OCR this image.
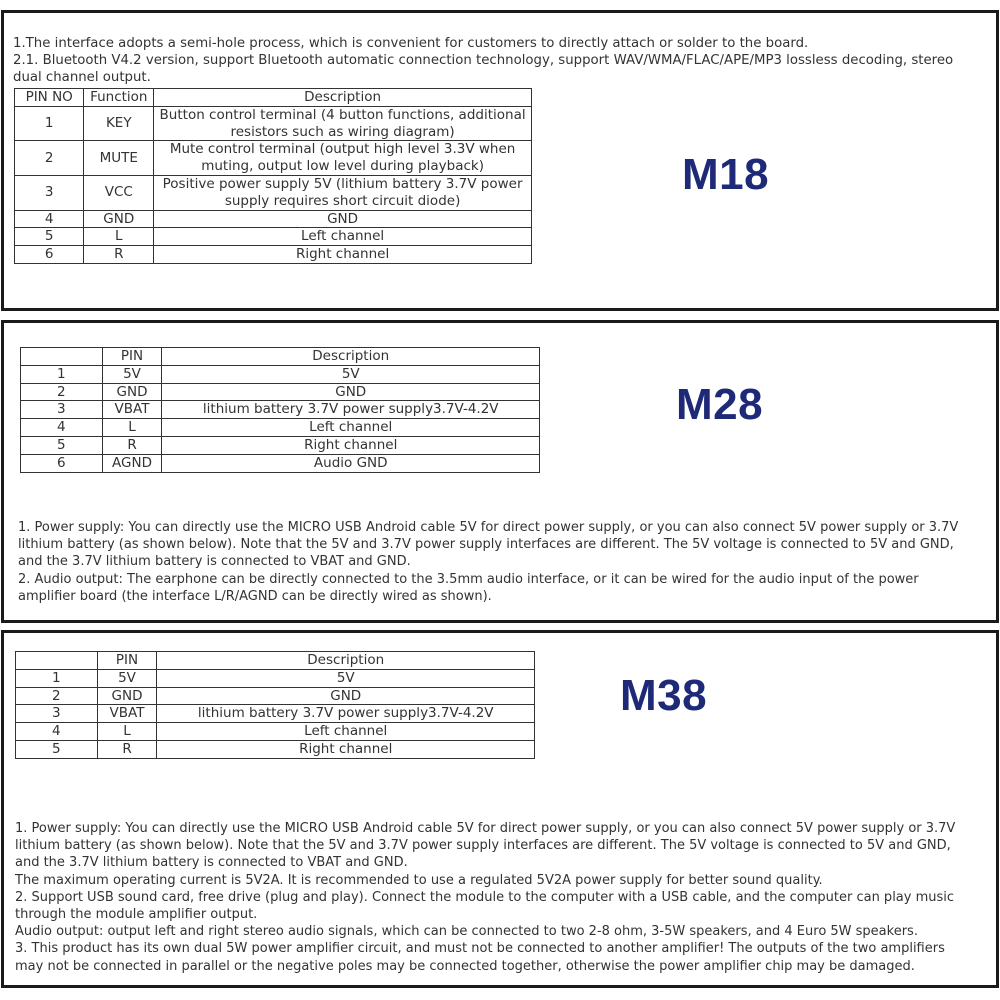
1.The interface adopts a semi-hole process, which is convenient for customers to directly attach or solder to the board.
2.1. Bluetooth V4.2 version, support Bluetooth automatic connection technology, support WAV/WMA/FLAC/APE/MP3 lossless decoding, stereo
dual channel output.
PIN NO	Function	Description
1	KEY	Button control terminal (4 button functions, additional
resistors such as wiring diagram)

2	MUTE	Mute control terminal (output high level 3.3V when
muting, output low level during playback)

3	VCC	Positive power supply 5V (lithium battery 3.7V power
supply requires short circuit diode)

4	GND	GND
5	L	Left channel
6	R	Right channel
M18
	PIN	Description
1	5V	5V
2	GND	GND
3	VBAT	lithium battery 3.7V power supply3.7V-4.2V
4	L	Left channel
5	R	Right channel
6	AGND	Audio GND
M28
1. Power supply: You can directly use the MICRO USB Android cable 5V for direct power supply, or you can also connect 5V power supply or 3.7V
lithium battery (as shown below). Note that the 5V and 3.7V power supply interfaces are different. The 5V voltage is connected to 5V and GND,
and the 3.7V lithium battery is connected to VBAT and GND.
2. Audio output: The earphone can be directly connected to the 3.5mm audio interface, or it can be wired for the audio input of the power
amplifier board (the interface L/R/AGND can be directly wired as shown).
	PIN	Description
1	5V	5V
2	GND	GND
3	VBAT	lithium battery 3.7V power supply3.7V-4.2V
4	L	Left channel
5	R	Right channel
M38
1. Power supply: You can directly use the MICRO USB Android cable 5V for direct power supply, or you can also connect 5V power supply or 3.7V
lithium battery (as shown below). Note that the 5V and 3.7V power supply interfaces are different. The 5V voltage is connected to 5V and GND,
and the 3.7V lithium battery is connected to VBAT and GND.
The maximum operating current is 5V2A. It is recommended to use a regulated 5V2A power supply for better sound quality.
2. Support USB sound card, free drive (plug and play). Connect the module to the computer with a USB cable, and the computer can play music
through the module amplifier output.
Audio output: output left and right stereo audio signals, which can be connected to two 2-8 ohm, 3-5W speakers, and 4 Euro 5W speakers.
3. This product has its own dual 5W power amplifier circuit, and must not be connected to another amplifier! The outputs of the two amplifiers
may not be connected in parallel or the negative poles may be connected together, otherwise the power amplifier chip may be damaged.
